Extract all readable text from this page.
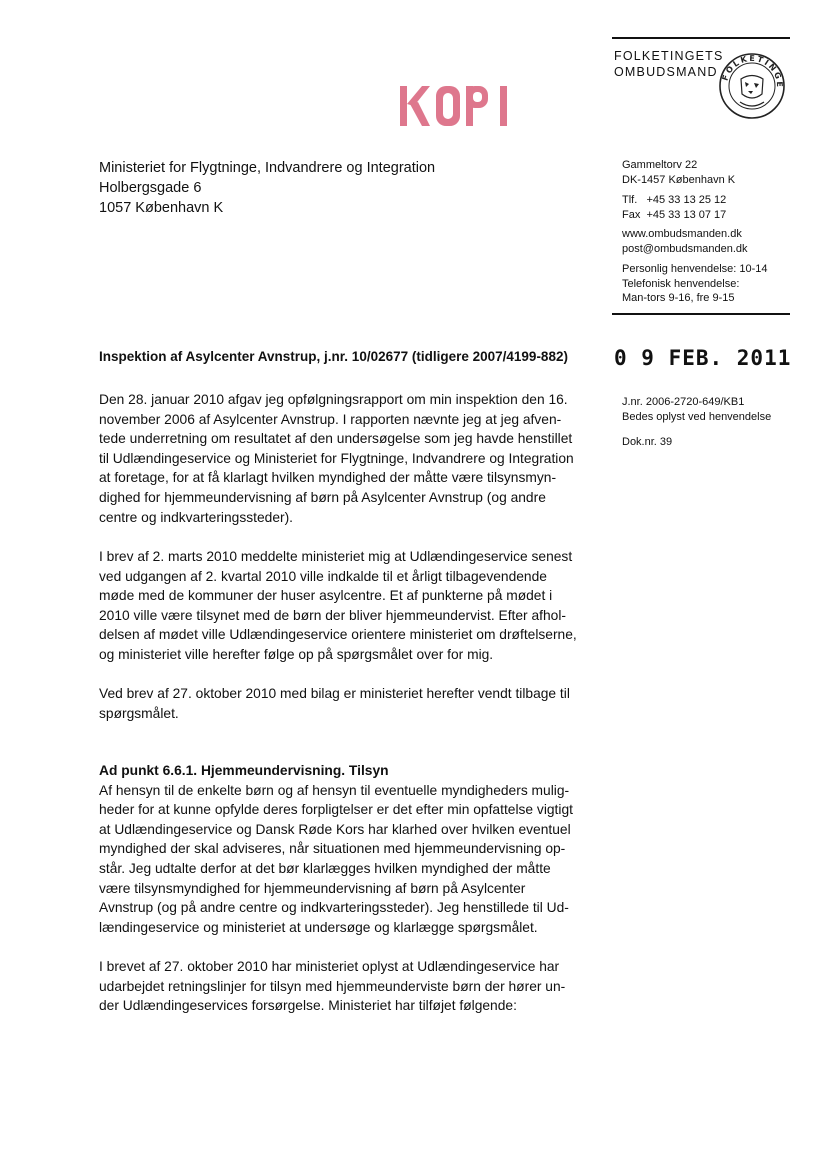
FOLKETINGETS
OMBUDSMAND FOLKETINGE
Ministeriet for Flygtninge, Indvandrere og Integration
Holbergsgade 6
1057 København K
Gammeltorv 22
DK-1457 København K
Tlf.   +45 33 13 25 12
Fax  +45 33 13 07 17
www.ombudsmanden.dk
post@ombudsmanden.dk
Personlig henvendelse: 10-14
Telefonisk henvendelse:
Man-tors 9-16, fre 9-15
0 9 FEB. 2011
Inspektion af Asylcenter Avnstrup, j.nr. 10/02677 (tidligere 2007/4199-882)
J.nr. 2006-2720-649/KB1
Bedes oplyst ved henvendelse
Dok.nr. 39
Den 28. januar 2010 afgav jeg opfølgningsrapport om min inspektion den 16.
november 2006 af Asylcenter Avnstrup. I rapporten nævnte jeg at jeg afven-
tede underretning om resultatet af den undersøgelse som jeg havde henstillet
til Udlændingeservice og Ministeriet for Flygtninge, Indvandrere og Integration
at foretage, for at få klarlagt hvilken myndighed der måtte være tilsynsmyn-
dighed for hjemmeundervisning af børn på Asylcenter Avnstrup (og andre
centre og indkvarteringssteder).
I brev af 2. marts 2010 meddelte ministeriet mig at Udlændingeservice senest
ved udgangen af 2. kvartal 2010 ville indkalde til et årligt tilbagevendende
møde med de kommuner der huser asylcentre. Et af punkterne på mødet i
2010 ville være tilsynet med de børn der bliver hjemmeundervist. Efter afhol-
delsen af mødet ville Udlændingeservice orientere ministeriet om drøftelserne,
og ministeriet ville herefter følge op på spørgsmålet over for mig.
Ved brev af 27. oktober 2010 med bilag er ministeriet herefter vendt tilbage til
spørgsmålet.
Ad punkt 6.6.1. Hjemmeundervisning. Tilsyn
Af hensyn til de enkelte børn og af hensyn til eventuelle myndigheders mulig-
heder for at kunne opfylde deres forpligtelser er det efter min opfattelse vigtigt
at Udlændingeservice og Dansk Røde Kors har klarhed over hvilken eventuel
myndighed der skal adviseres, når situationen med hjemmeundervisning op-
står. Jeg udtalte derfor at det bør klarlægges hvilken myndighed der måtte
være tilsynsmyndighed for hjemmeundervisning af børn på Asylcenter
Avnstrup (og på andre centre og indkvarteringssteder). Jeg henstillede til Ud-
lændingeservice og ministeriet at undersøge og klarlægge spørgsmålet.
I brevet af 27. oktober 2010 har ministeriet oplyst at Udlændingeservice har
udarbejdet retningslinjer for tilsyn med hjemmeunderviste børn der hører un-
der Udlændingeservices forsørgelse. Ministeriet har tilføjet følgende:
